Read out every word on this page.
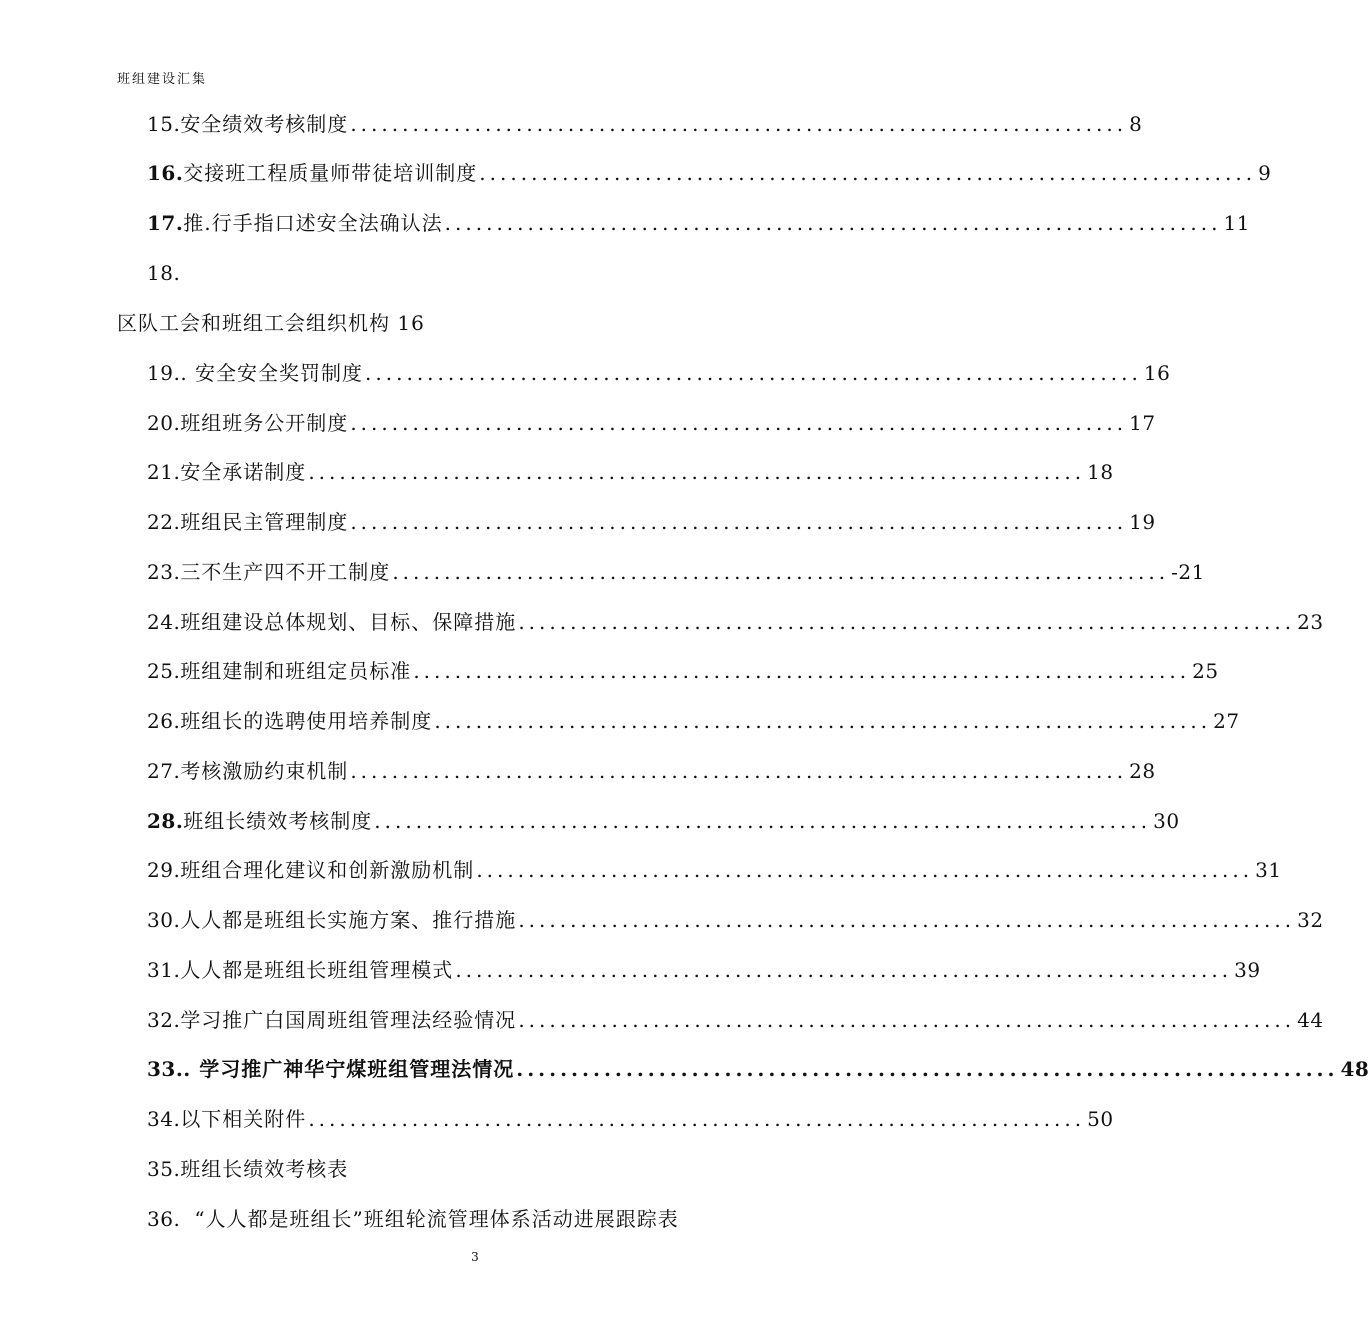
班组建设汇集
15. 安全绩效考核制度 ........................................................................... 8
16. 交接班工程质量师带徒培训制度 ........................................................................... 9
17. 推.行手指口述安全法确认法 ........................................................................... 11
18.
区队工会和班组工会组织机构 16
19. . 安全安全奖罚制度 ........................................................................... 16
20. 班组班务公开制度 ........................................................................... 17
21. 安全承诺制度 ........................................................................... 18
22. 班组民主管理制度 ........................................................................... 19
23. 三不生产四不开工制度 ........................................................................... -21
24. 班组建设总体规划、目标、保障措施 ........................................................................... 23
25. 班组建制和班组定员标准 ........................................................................... 25
26. 班组长的选聘使用培养制度 ........................................................................... 27
27. 考核激励约束机制 ........................................................................... 28
28. 班组长绩效考核制度 ........................................................................... 30
29. 班组合理化建议和创新激励机制 ........................................................................... 31
30. 人人都是班组长实施方案、推行措施 ........................................................................... 32
31. 人人都是班组长班组管理模式 ........................................................................... 39
32. 学习推广白国周班组管理法经验情况 ........................................................................... 44
33. . 学习推广神华宁煤班组管理法情况 ........................................................................... 48
34. 以下相关附件 ........................................................................... 50
35. 班组长绩效考核表
36. “人人都是班组长”班组轮流管理体系活动进展跟踪表
3
